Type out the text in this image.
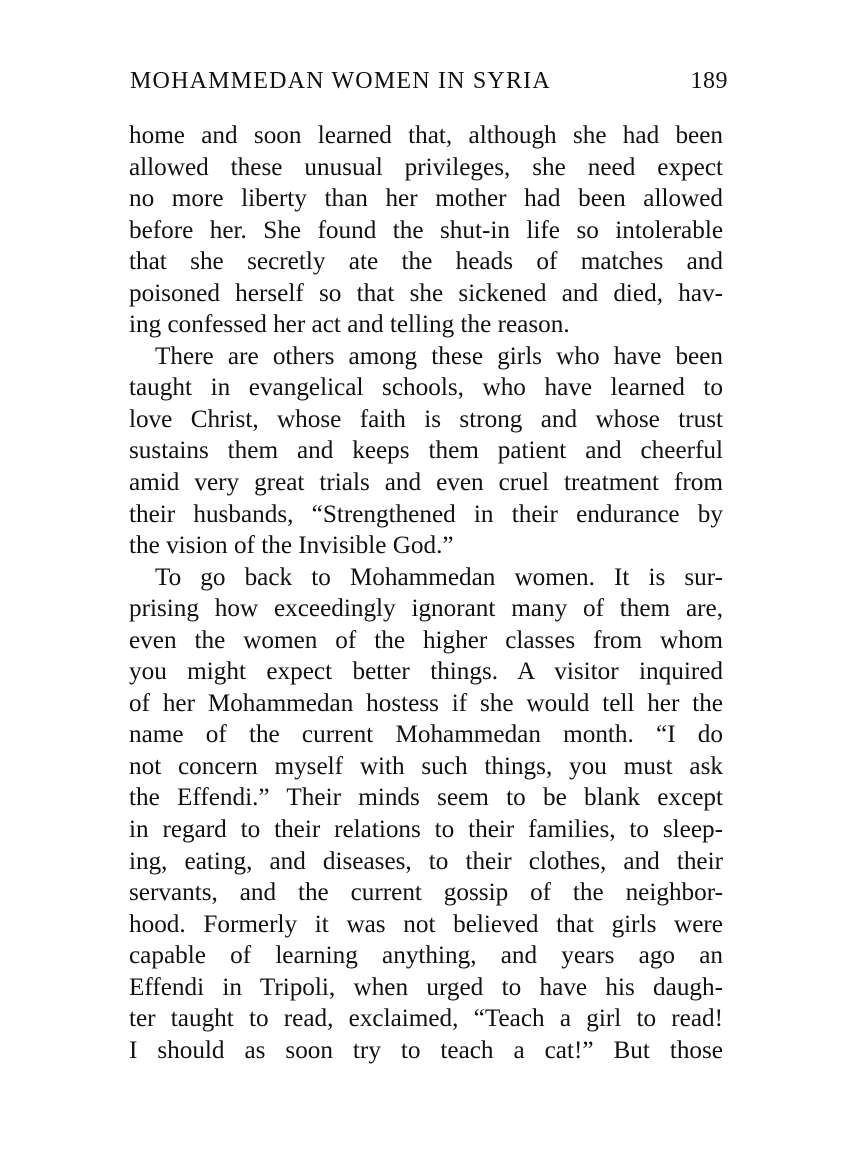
MOHAMMEDAN WOMEN IN SYRIA	189
home and soon learned that, although she had been
allowed these unusual privileges, she need expect
no more liberty than her mother had been allowed
before her. She found the shut-in life so intolerable
that she secretly ate the heads of matches and
poisoned herself so that she sickened and died, hav-
ing confessed her act and telling the reason.
There are others among these girls who have been
taught in evangelical schools, who have learned to
love Christ, whose faith is strong and whose trust
sustains them and keeps them patient and cheerful
amid very great trials and even cruel treatment from
their husbands, “Strengthened in their endurance by
the vision of the Invisible God.”
To go back to Mohammedan women. It is sur-
prising how exceedingly ignorant many of them are,
even the women of the higher classes from whom
you might expect better things. A visitor inquired
of her Mohammedan hostess if she would tell her the
name of the current Mohammedan month. “I do
not concern myself with such things, you must ask
the Effendi.” Their minds seem to be blank except
in regard to their relations to their families, to sleep-
ing, eating, and diseases, to their clothes, and their
servants, and the current gossip of the neighbor-
hood. Formerly it was not believed that girls were
capable of learning anything, and years ago an
Effendi in Tripoli, when urged to have his daugh-
ter taught to read, exclaimed, “Teach a girl to read!
I should as soon try to teach a cat!” But those
